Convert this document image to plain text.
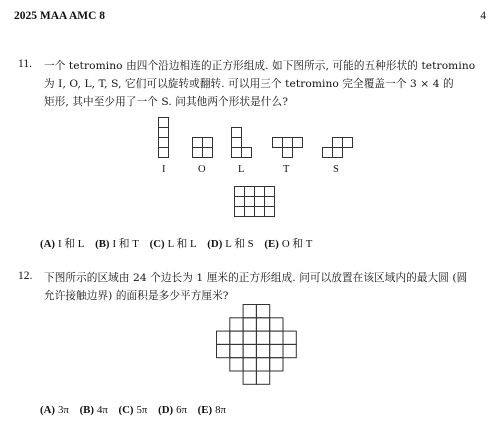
2025 MAA AMC 8	4
11. 一个 tetromino 由四个沿边相连的正方形组成. 如下图所示, 可能的五种形状的 tetromino
为 I, O, L, T, S, 它们可以旋转或翻转. 可以用三个 tetromino 完全覆盖一个 3 × 4 的
矩形, 其中至少用了一个 S. 问其他两个形状是什么?
I	O	L	T	S
(A) I 和 L (B) I 和 T (C) L 和 L (D) L 和 S (E) O 和 T
12. 下图所示的区域由 24 个边长为 1 厘米的正方形组成. 问可以放置在该区域内的最大圆 (圆
允许接触边界) 的面积是多少平方厘米?
(A) 3π (B) 4π (C) 5π (D) 6π (E) 8π
